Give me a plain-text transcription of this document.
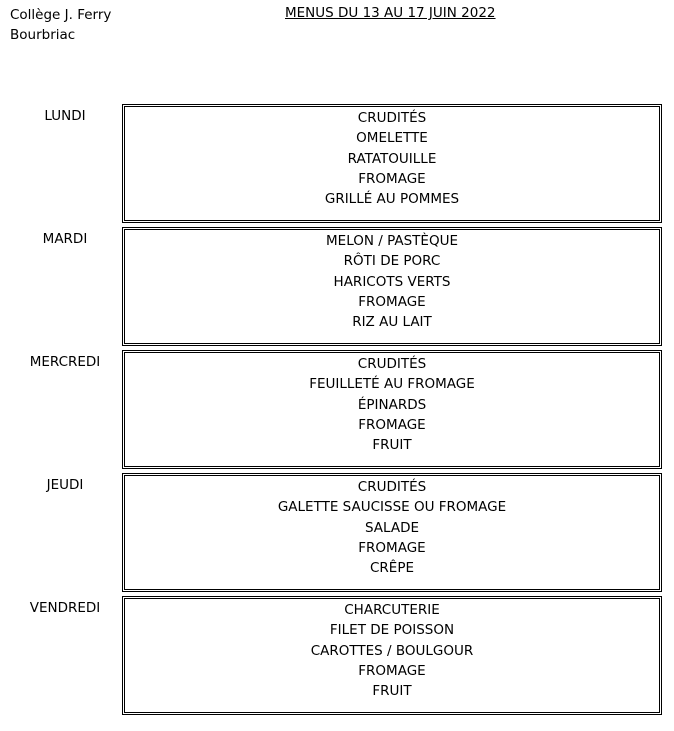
Collège J. Ferry
Bourbriac
MENUS DU 13 AU 17 JUIN 2022
LUNDI	CRUDITÉS
OMELETTE
RATATOUILLE
FROMAGE
GRILLÉ AU POMMES
MARDI	MELON / PASTÈQUE
RÔTI DE PORC
HARICOTS VERTS
FROMAGE
RIZ AU LAIT
MERCREDI	CRUDITÉS
FEUILLETÉ AU FROMAGE
ÉPINARDS
FROMAGE
FRUIT
JEUDI	CRUDITÉS
GALETTE SAUCISSE OU FROMAGE
SALADE
FROMAGE
CRÊPE
VENDREDI	CHARCUTERIE
FILET DE POISSON
CAROTTES / BOULGOUR
FROMAGE
FRUIT
